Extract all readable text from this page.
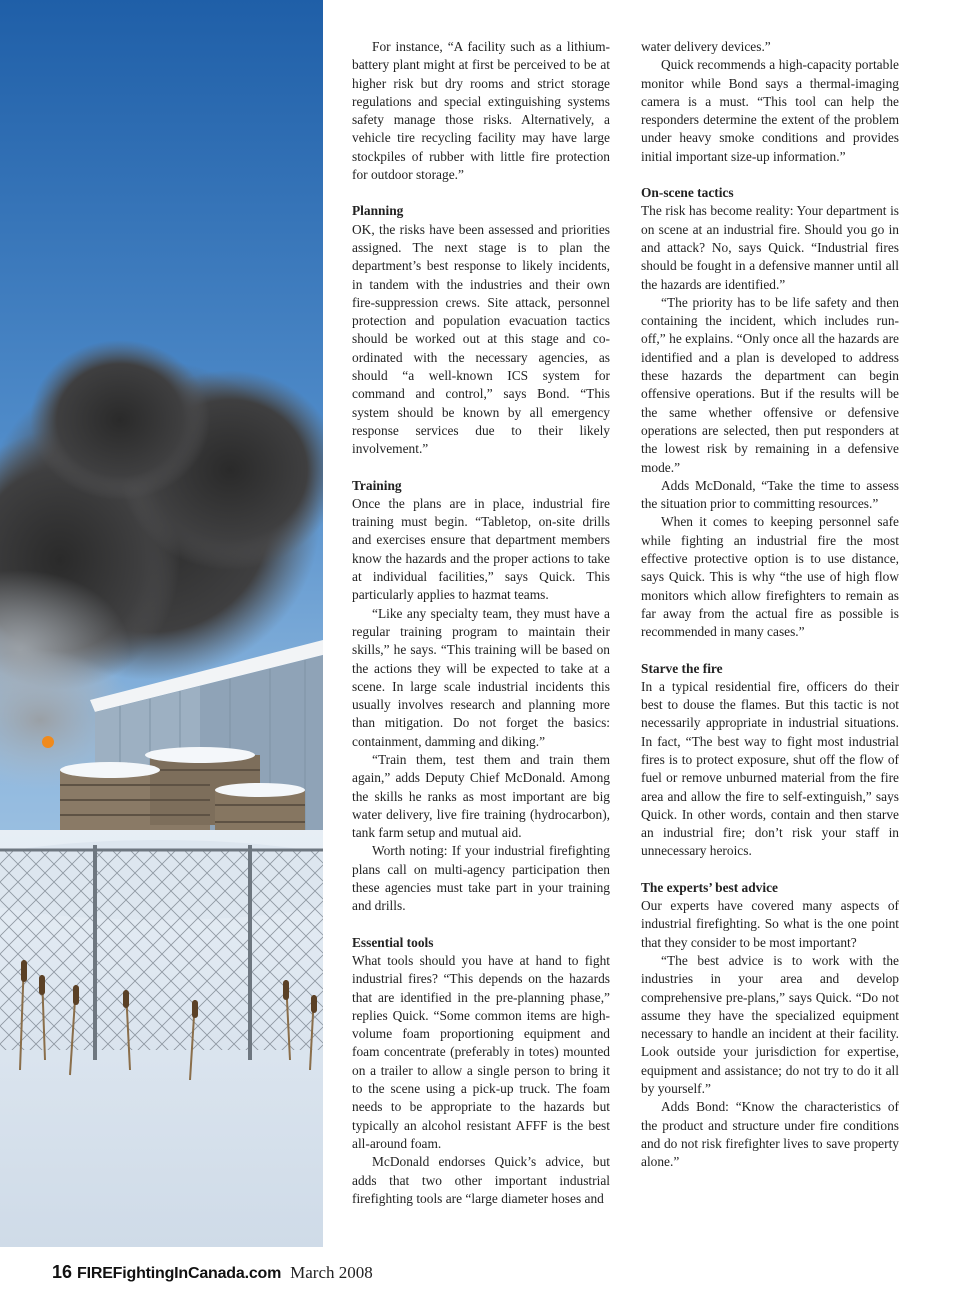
For instance, “A facility such as a lithium-battery plant might at first be perceived to be at higher risk but dry rooms and strict storage regulations and special extinguishing systems safety manage those risks. Alternatively, a vehicle tire recycling facility may have large stockpiles of rubber with little fire protection for outdoor storage.”

Planning

OK, the risks have been assessed and priorities assigned. The next stage is to plan the department’s best response to likely incidents, in tandem with the industries and their own fire-suppression crews. Site attack, personnel protection and population evacuation tactics should be worked out at this stage and co-ordinated with the necessary agencies, as should “a well-known ICS system for command and control,” says Bond. “This system should be known by all emergency response services due to their likely involvement.”

Training

Once the plans are in place, industrial fire training must begin. “Tabletop, on-site drills and exercises ensure that department members know the hazards and the proper actions to take at individual facilities,” says Quick. This particularly applies to hazmat teams.

“Like any specialty team, they must have a regular training program to maintain their skills,” he says. “This training will be based on the actions they will be expected to take at a scene. In large scale industrial incidents this usually involves research and planning more than mitigation. Do not forget the basics: containment, damming and diking.”

“Train them, test them and train them again,” adds Deputy Chief McDonald. Among the skills he ranks as most important are big water delivery, live fire training (hydrocarbon), tank farm setup and mutual aid.

Worth noting: If your industrial firefighting plans call on multi-agency participation then these agencies must take part in your training and drills.

Essential tools

What tools should you have at hand to fight industrial fires? “This depends on the hazards that are identified in the pre-planning phase,” replies Quick. “Some common items are high-volume foam proportioning equipment and foam concentrate (preferably in totes) mounted on a trailer to allow a single person to bring it to the scene using a pick-up truck. The foam needs to be appropriate to the hazards but typically an alcohol resistant AFFF is the best all-around foam.

McDonald endorses Quick’s advice, but adds that two other important industrial firefighting tools are “large diameter hoses and

water delivery devices.”

Quick recommends a high-capacity portable monitor while Bond says a thermal-imaging camera is a must. “This tool can help the responders determine the extent of the problem under heavy smoke conditions and provides initial important size-up information.”

On-scene tactics

The risk has become reality: Your department is on scene at an industrial fire. Should you go in and attack? No, says Quick. “Industrial fires should be fought in a defensive manner until all the hazards are identified.”

“The priority has to be life safety and then containing the incident, which includes run-off,” he explains. “Only once all the hazards are identified and a plan is developed to address these hazards the department can begin offensive operations. But if the results will be the same whether offensive or defensive operations are selected, then put responders at the lowest risk by remaining in a defensive mode.”

Adds McDonald, “Take the time to assess the situation prior to committing resources.”

When it comes to keeping personnel safe while fighting an industrial fire the most effective protective option is to use distance, says Quick. This is why “the use of high flow monitors which allow firefighters to remain as far away from the actual fire as possible is recommended in many cases.”

Starve the fire

In a typical residential fire, officers do their best to douse the flames. But this tactic is not necessarily appropriate in industrial situations. In fact, “The best way to fight most industrial fires is to protect exposure, shut off the flow of fuel or remove unburned material from the fire area and allow the fire to self-extinguish,” says Quick. In other words, contain and then starve an industrial fire; don’t risk your staff in unnecessary heroics.

The experts’ best advice

Our experts have covered many aspects of industrial firefighting. So what is the one point that they consider to be most important?

“The best advice is to work with the industries in your area and develop comprehensive pre-plans,” says Quick. “Do not assume they have the specialized equipment necessary to handle an incident at their facility. Look outside your jurisdiction for expertise, equipment and assistance; do not try to do it all by yourself.”

Adds Bond: “Know the characteristics of the product and structure under fire conditions and do not risk firefighter lives to save property alone.”

16 FIREFightingInCanada.com March 2008
